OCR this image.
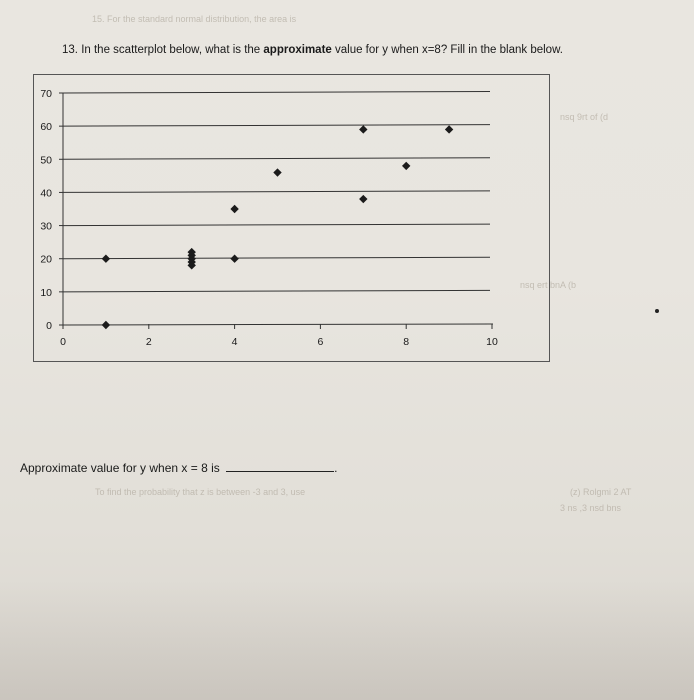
15. For the standard normal distribution, the area is
nsq 9rt of (d
nsq ert bnA (b
To find the probability that z is between -3 and 3, use	(z) Rolgmi 2 AT
3 ns ,3 nsd bns
13. In the scatterplot below, what is the approximate value for y when x=8? Fill in the blank below.
0
10
20
30
40
50
60
70
0	2	4	6	8	10
Approximate value for y when x = 8 is	.
